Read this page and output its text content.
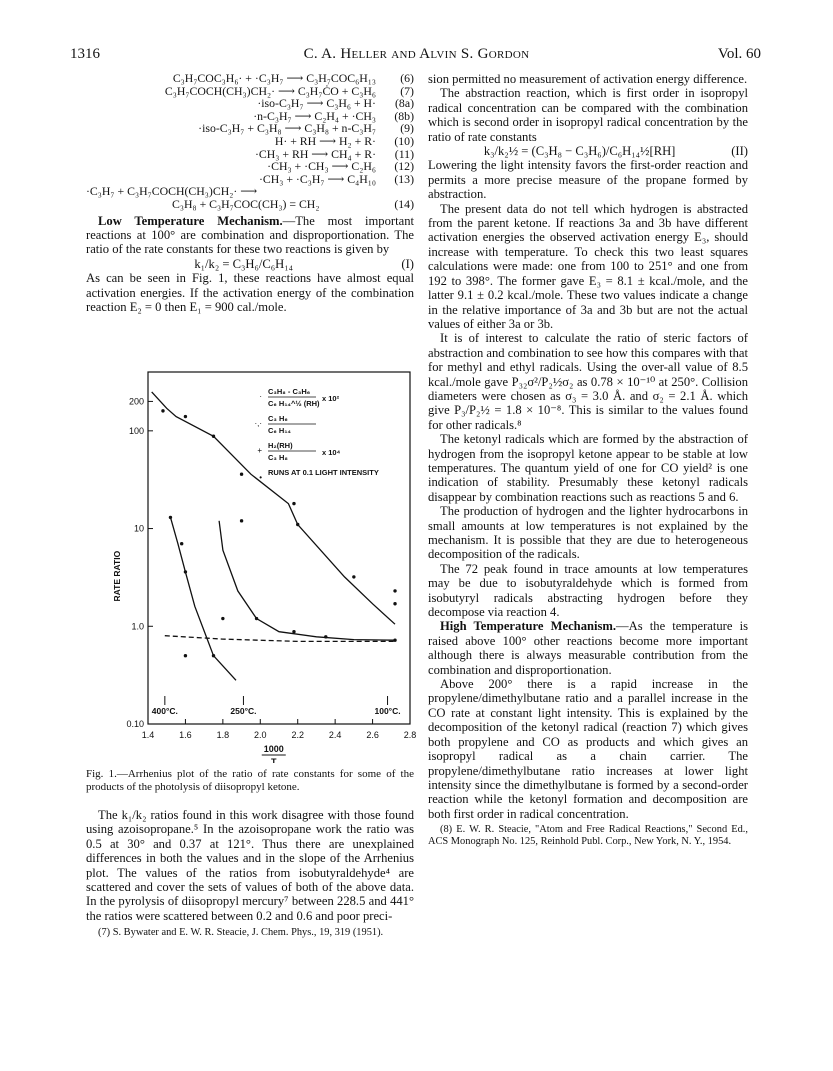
1316	C. A. Heller and Alvin S. Gordon	Vol. 60
C₃H₇COC₃H₆· + ·C₃H₇ ⟶ C₃H₇COC₆H₁₃	(6)
C₃H₇COCH(CH₃)CH₂· ⟶ C₃H₇ĊO + C₃H₆	(7)
·iso-C₃H₇ ⟶ C₃H₆ + H·	(8a)
·n-C₃H₇ ⟶ C₂H₄ + ·CH₃	(8b)
·iso-C₃H₇ + C₃H₈ ⟶ C₃H₈ + n-C₃H₇	(9)
H· + RH ⟶ H₂ + R·	(10)
·CH₃ + RH ⟶ CH₄ + R·	(11)
·CH₃ + ·CH₃ ⟶ C₂H₆	(12)
·CH₃ + ·C₃H₇ ⟶ C₄H₁₀	(13)
·C₃H₇ + C₃H₇COCH(CH₃)CH₂· ⟶
C₃H₈ + C₃H₇COC(CH₃) = CH₂	(14)

Low Temperature Mechanism.—The most important reactions at 100° are combination and disproportionation. The ratio of the rate constants for these two reactions is given by

k₁/k₂ = C₃H₆/C₆H₁₄	(I)

As can be seen in Fig. 1, these reactions have almost equal activation energies. If the activation energy of the combination reaction E₂ = 0 then E₁ = 900 cal./mole.

1.4	1.6	1.8	2.0	2.2	2.4	2.6	2.8
200
100
10
1.0
0.10
RATE RATIO
1000
T
400°C.	250°C.	100°C.
·
C₃H₈ - C₃H₆
C₆ H₁₄^½ (RH)
x 10²
·,·
C₃ H₆
C₆ H₁₄
+
H₂(RH)
C₃ H₈
x 10⁴
•
RUNS AT 0.1 LIGHT INTENSITY
Fig. 1.—Arrhenius plot of the ratio of rate constants for some of the products of the photolysis of diisopropyl ketone.

The k₁/k₂ ratios found in this work disagree with those found using azoisopropane.⁵ In the azoisopropane work the ratio was 0.5 at 30° and 0.37 at 121°. Thus there are unexplained differences in both the values and in the slope of the Arrhenius plot. The values of the ratios from isobutyraldehyde⁴ are scattered and cover the sets of values of both of the above data. In the pyrolysis of diisopropyl mercury⁷ between 228.5 and 441° the ratios were scattered between 0.2 and 0.6 and poor preci-

(7) S. Bywater and E. W. R. Steacie, J. Chem. Phys., 19, 319 (1951).

sion permitted no measurement of activation energy difference.

The abstraction reaction, which is first order in isopropyl radical concentration can be compared with the combination which is second order in isopropyl radical concentration by the ratio of rate constants

k₃/k₂½ = (C₃H₈ − C₃H₆)/C₆H₁₄½[RH]	(II)

Lowering the light intensity favors the first-order reaction and permits a more precise measure of the propane formed by abstraction.

The present data do not tell which hydrogen is abstracted from the parent ketone. If reactions 3a and 3b have different activation energies the observed activation energy E₃, should increase with temperature. To check this two least squares calculations were made: one from 100 to 251° and one from 192 to 398°. The former gave E₃ = 8.1 ± kcal./mole, and the latter 9.1 ± 0.2 kcal./mole. These two values indicate a change in the relative importance of 3a and 3b but are not the actual values of either 3a or 3b.

It is of interest to calculate the ratio of steric factors of abstraction and combination to see how this compares with that for methyl and ethyl radicals. Using the over-all value of 8.5 kcal./mole gave P₃₂σ²/P₂½σ₂ as 0.78 × 10⁻¹⁰ at 250°. Collision diameters were chosen as σ₃ = 3.0 Å. and σ₂ = 2.1 Å. which give P₃/P₂½ = 1.8 × 10⁻⁸. This is similar to the values found for other radicals.⁸

The ketonyl radicals which are formed by the abstraction of hydrogen from the isopropyl ketone appear to be stable at low temperatures. The quantum yield of one for CO yield² is one indication of stability. Presumably these ketonyl radicals disappear by combination reactions such as reactions 5 and 6.

The production of hydrogen and the lighter hydrocarbons in small amounts at low temperatures is not explained by the mechanism. It is possible that they are due to heterogeneous decomposition of the radicals.

The 72 peak found in trace amounts at low temperatures may be due to isobutyraldehyde which is formed from isobutyryl radicals abstracting hydrogen before they decompose via reaction 4.

High Temperature Mechanism.—As the temperature is raised above 100° other reactions become more important although there is always measurable contribution from the combination and disproportionation.

Above 200° there is a rapid increase in the propylene/dimethylbutane ratio and a parallel increase in the CO rate at constant light intensity. This is explained by the decomposition of the ketonyl radical (reaction 7) which gives both propylene and CO as products and which gives an isopropyl radical as a chain carrier. The propylene/dimethylbutane ratio increases at lower light intensity since the dimethylbutane is formed by a second-order reaction while the ketonyl formation and decomposition are both first order in radical concentration.

(8) E. W. R. Steacie, "Atom and Free Radical Reactions," Second Ed., ACS Monograph No. 125, Reinhold Publ. Corp., New York, N. Y., 1954.
